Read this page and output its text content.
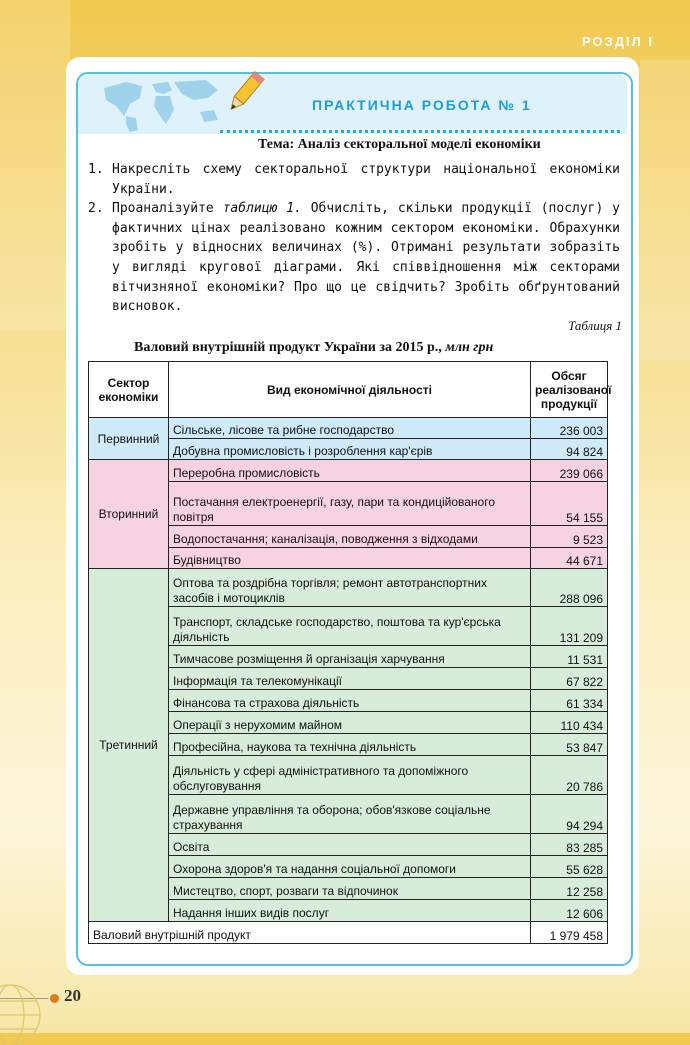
РОЗДІЛ І
ПРАКТИЧНА РОБОТА № 1
Тема: Аналіз секторальної моделі економіки
1. Накресліть схему секторальної структури національної економіки України.
2. Проаналізуйте таблицю 1. Обчисліть, скільки продукції (послуг) у фактичних цінах реалізовано кожним сектором економіки. Обрахунки зробіть у відносних величинах (%). Отримані результати зобразіть у вигляді кругової діаграми. Які співвідношення між секторами вітчизняної економіки? Про що це свідчить? Зробіть обґрунтований висновок.
Таблиця 1
Валовий внутрішній продукт України за 2015 р., млн грн
Сектор економіки	Вид економічної діяльності	Обсяг реалізованої продукції
Первинний	Сільське, лісове та рибне господарство	236 003
	Добувна промисловість і розроблення кар'єрів	94 824
Вторинний	Переробна промисловість	239 066
	Постачання електроенергії, газу, пари та кондиційованого повітря	54 155
	Водопостачання; каналізація, поводження з відходами	9 523
	Будівництво	44 671
Третинний	Оптова та роздрібна торгівля; ремонт автотранспортних засобів і мотоциклів	288 096
	Транспорт, складське господарство, поштова та кур'єрська діяльність	131 209
	Тимчасове розміщення й організація харчування	11 531
	Інформація та телекомунікації	67 822
	Фінансова та страхова діяльність	61 334
	Операції з нерухомим майном	110 434
	Професійна, наукова та технічна діяльність	53 847
	Діяльність у сфері адміністративного та допоміжного обслуговування	20 786
	Державне управління та оборона; обов'язкове соціальне страхування	94 294
	Освіта	83 285
	Охорона здоров'я та надання соціальної допомоги	55 628
	Мистецтво, спорт, розваги та відпочинок	12 258
	Надання інших видів послуг	12 606
Валовий внутрішній продукт		1 979 458
20
